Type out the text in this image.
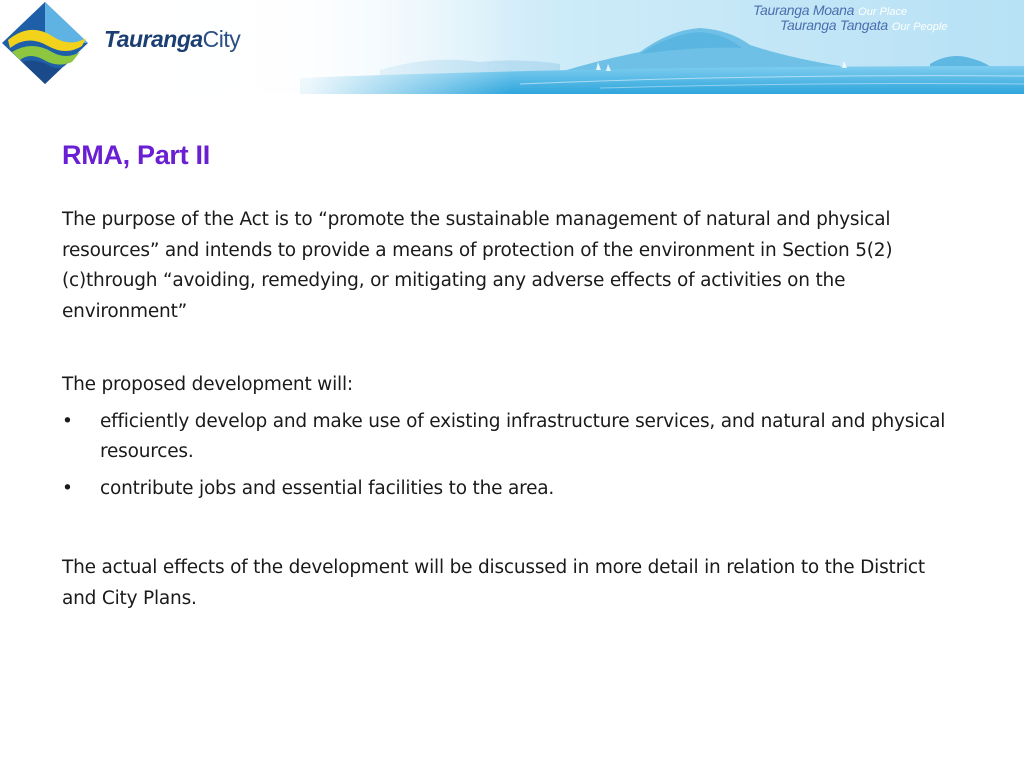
TaurangaCity
Tauranga Moana Our Place
Tauranga Tangata Our People
RMA, Part II

The purpose of the Act is to “promote the sustainable management of natural and physical resources” and intends to provide a means of protection of the environment in Section 5(2)(c)through “avoiding, remedying, or mitigating any adverse effects of activities on the environment”

The proposed development will:

• efficiently develop and make use of existing infrastructure services, and natural and physical resources.
• contribute jobs and essential facilities to the area.

The actual effects of the development will be discussed in more detail in relation to the District and City Plans.
